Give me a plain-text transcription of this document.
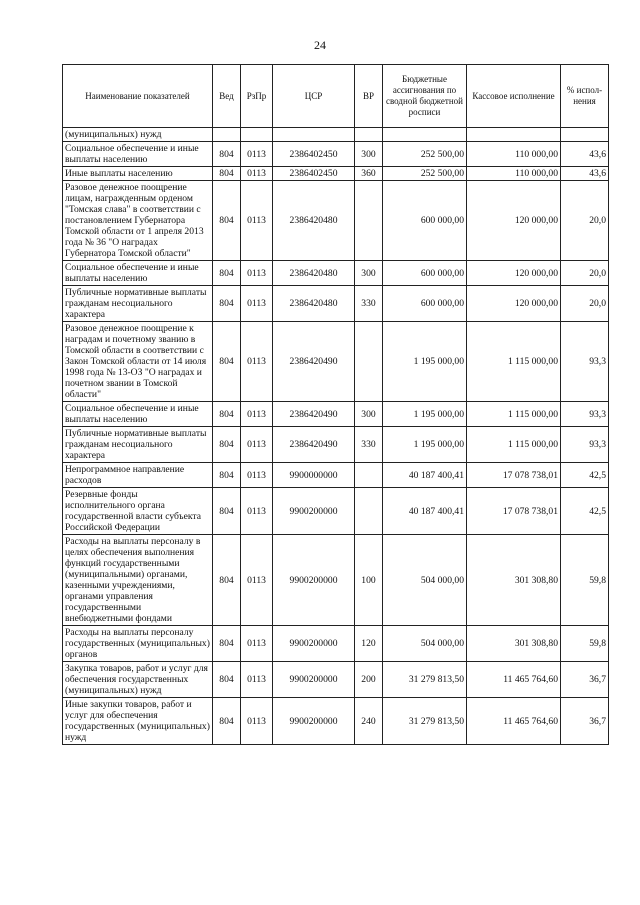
24
Наименование показателей	Вед	РзПр	ЦСР	ВР	Бюджетные ассигнования по сводной бюджетной росписи	Кассовое исполнение	% испол-нения
(муниципальных) нужд							
Социальное обеспечение и иные выплаты населению	804	0113	2386402450	300	252 500,00	110 000,00	43,6
Иные выплаты населению	804	0113	2386402450	360	252 500,00	110 000,00	43,6
Разовое денежное поощрение лицам, награжденным орденом "Томская слава" в соответствии с постановлением Губернатора Томской области от 1 апреля 2013 года № 36 "О наградах Губернатора Томской области"	804	0113	2386420480		600 000,00	120 000,00	20,0
Социальное обеспечение и иные выплаты населению	804	0113	2386420480	300	600 000,00	120 000,00	20,0
Публичные нормативные выплаты гражданам несоциального характера	804	0113	2386420480	330	600 000,00	120 000,00	20,0
Разовое денежное поощрение к наградам и почетному званию в Томской области в соответствии с Закон Томской области от 14 июля 1998 года № 13-ОЗ "О наградах и почетном звании в Томской области"	804	0113	2386420490		1 195 000,00	1 115 000,00	93,3
Социальное обеспечение и иные выплаты населению	804	0113	2386420490	300	1 195 000,00	1 115 000,00	93,3
Публичные нормативные выплаты гражданам несоциального характера	804	0113	2386420490	330	1 195 000,00	1 115 000,00	93,3
Непрограммное направление расходов	804	0113	9900000000		40 187 400,41	17 078 738,01	42,5
Резервные фонды исполнительного органа государственной власти субъекта Российской Федерации	804	0113	9900200000		40 187 400,41	17 078 738,01	42,5
Расходы на выплаты персоналу в целях обеспечения выполнения функций государственными (муниципальными) органами, казенными учреждениями, органами управления государственными внебюджетными фондами	804	0113	9900200000	100	504 000,00	301 308,80	59,8
Расходы на выплаты персоналу государственных (муниципальных) органов	804	0113	9900200000	120	504 000,00	301 308,80	59,8
Закупка товаров, работ и услуг для обеспечения государственных (муниципальных) нужд	804	0113	9900200000	200	31 279 813,50	11 465 764,60	36,7
Иные закупки товаров, работ и услуг для обеспечения государственных (муниципальных) нужд	804	0113	9900200000	240	31 279 813,50	11 465 764,60	36,7
